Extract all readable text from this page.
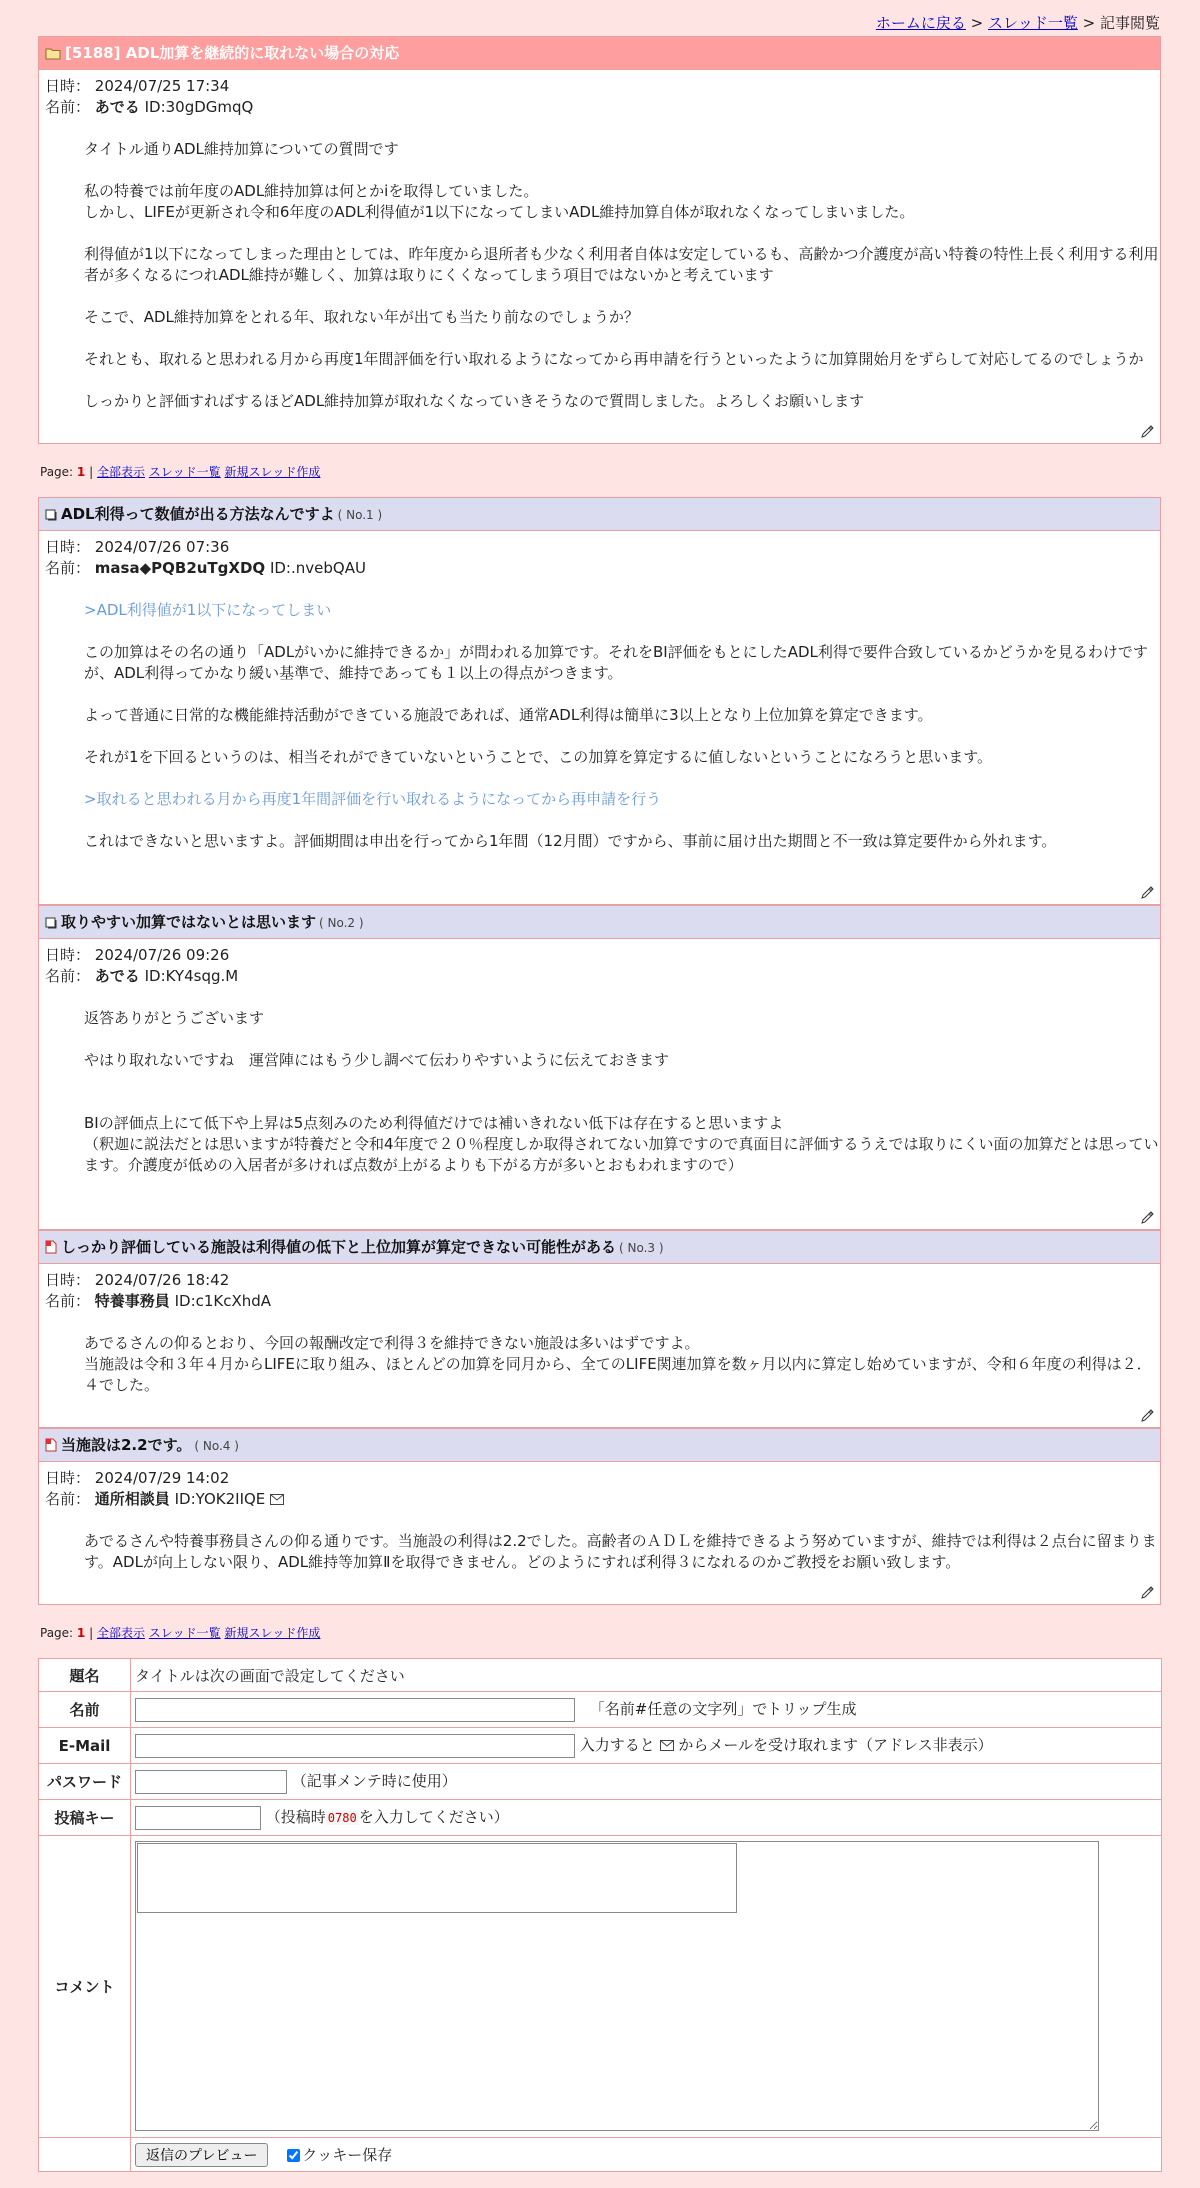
ホームに戻る > スレッド一覧 > 記事閲覧
[5188] ADL加算を継続的に取れない場合の対応
日時： 2024/07/25 17:34
名前： あでる ID:30gDGmqQ

タイトル通りADL維持加算についての質問です

私の特養では前年度のADL維持加算は何とかiを取得していました。

しかし、LIFEが更新され令和6年度のADL利得値が1以下になってしまいADL維持加算自体が取れなくなってしまいました。

利得値が1以下になってしまった理由としては、昨年度から退所者も少なく利用者自体は安定しているも、高齢かつ介護度が高い特養の特性上長く利用する利用者が多くなるにつれADL維持が難しく、加算は取りにくくなってしまう項目ではないかと考えています

そこで、ADL維持加算をとれる年、取れない年が出ても当たり前なのでしょうか？

それとも、取れると思われる月から再度1年間評価を行い取れるようになってから再申請を行うといったように加算開始月をずらして対応してるのでしょうか

しっかりと評価すればするほどADL維持加算が取れなくなっていきそうなので質問しました。よろしくお願いします

Page: 1 | 全部表示 スレッド一覧 新規スレッド作成
ADL利得って数値が出る方法なんですよ ( No.1 )
日時： 2024/07/26 07:36
名前： masa◆PQB2uTgXDQ ID:.nvebQAU

>ADL利得値が1以下になってしまい

この加算はその名の通り「ADLがいかに維持できるか」が問われる加算です。それをBI評価をもとにしたADL利得で要件合致しているかどうかを見るわけですが、ADL利得ってかなり緩い基準で、維持であっても１以上の得点がつきます。

よって普通に日常的な機能維持活動ができている施設であれば、通常ADL利得は簡単に3以上となり上位加算を算定できます。

それが1を下回るというのは、相当それができていないということで、この加算を算定するに値しないということになろうと思います。

>取れると思われる月から再度1年間評価を行い取れるようになってから再申請を行う

これはできないと思いますよ。評価期間は申出を行ってから1年間（12月間）ですから、事前に届け出た期間と不一致は算定要件から外れます。

取りやすい加算ではないとは思います ( No.2 )
日時： 2024/07/26 09:26
名前： あでる ID:KY4sqg.M

返答ありがとうございます

やはり取れないですね　運営陣にはもう少し調べて伝わりやすいように伝えておきます

BIの評価点上にて低下や上昇は5点刻みのため利得値だけでは補いきれない低下は存在すると思いますよ

（釈迦に説法だとは思いますが特養だと令和4年度で２０％程度しか取得されてない加算ですので真面目に評価するうえでは取りにくい面の加算だとは思っています。介護度が低めの入居者が多ければ点数が上がるよりも下がる方が多いとおもわれますので）

しっかり評価している施設は利得値の低下と上位加算が算定できない可能性がある ( No.3 )
日時： 2024/07/26 18:42
名前： 特養事務員 ID:c1KcXhdA

あでるさんの仰るとおり、今回の報酬改定で利得３を維持できない施設は多いはずですよ。

当施設は令和３年４月からLIFEに取り組み、ほとんどの加算を同月から、全てのLIFE関連加算を数ヶ月以内に算定し始めていますが、令和６年度の利得は２．４でした。

当施設は2.2です。 ( No.4 )
日時： 2024/07/29 14:02
名前： 通所相談員 ID:YOK2IIQE

あでるさんや特養事務員さんの仰る通りです。当施設の利得は2.2でした。高齢者のＡＤＬを維持できるよう努めていますが、維持では利得は２点台に留まります。ADLが向上しない限り、ADL維持等加算Ⅱを取得できません。どのようにすれば利得３になれるのかご教授をお願い致します。

Page: 1 | 全部表示 スレッド一覧 新規スレッド作成
題名	タイトルは次の画面で設定してください
名前	「名前#任意の文字列」でトリップ生成
E-Mail	入力すると からメールを受け取れます（アドレス非表示）
パスワード	（記事メンテ時に使用）
投稿キー	（投稿時 0780 を入力してください）
コメント	

	返信のプレビュー クッキー保存
